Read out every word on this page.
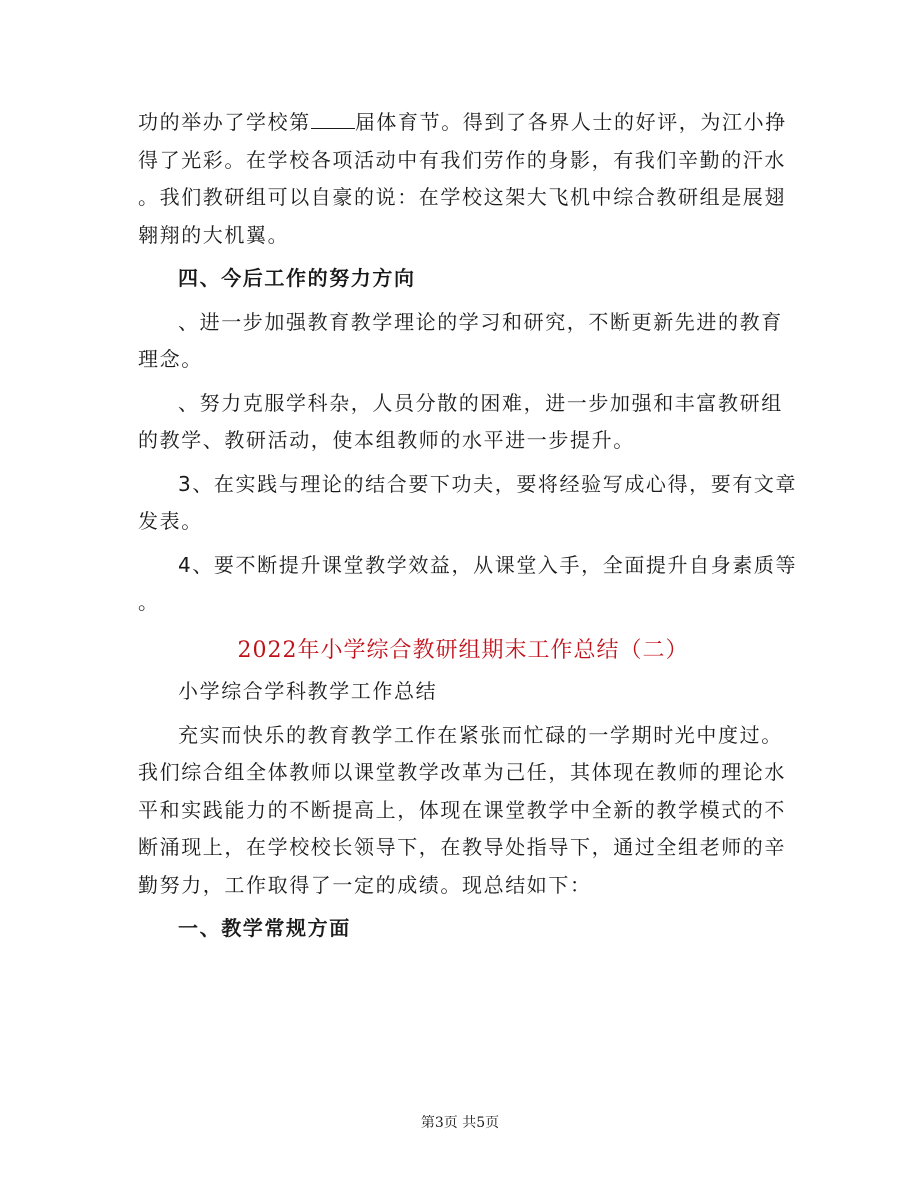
功的举办了学校第 届体育节。得到了各界人士的好评，为江小挣
得了光彩。在学校各项活动中有我们劳作的身影，有我们辛勤的汗水
。我们教研组可以自豪的说：在学校这架大飞机中综合教研组是展翅
翱翔的大机翼。
四、今后工作的努力方向
、进一步加强教育教学理论的学习和研究，不断更新先进的教育
理念。
、努力克服学科杂，人员分散的困难，进一步加强和丰富教研组
的教学、教研活动，使本组教师的水平进一步提升。
3、在实践与理论的结合要下功夫，要将经验写成心得，要有文章
发表。
4、要不断提升课堂教学效益，从课堂入手，全面提升自身素质等
。
2022年小学综合教研组期末工作总结（二）
小学综合学科教学工作总结
充实而快乐的教育教学工作在紧张而忙碌的一学期时光中度过。
我们综合组全体教师以课堂教学改革为己任，其体现在教师的理论水
平和实践能力的不断提高上，体现在课堂教学中全新的教学模式的不
断涌现上，在学校校长领导下，在教导处指导下，通过全组老师的辛
勤努力，工作取得了一定的成绩。现总结如下：
一、教学常规方面
第3页 共5页
